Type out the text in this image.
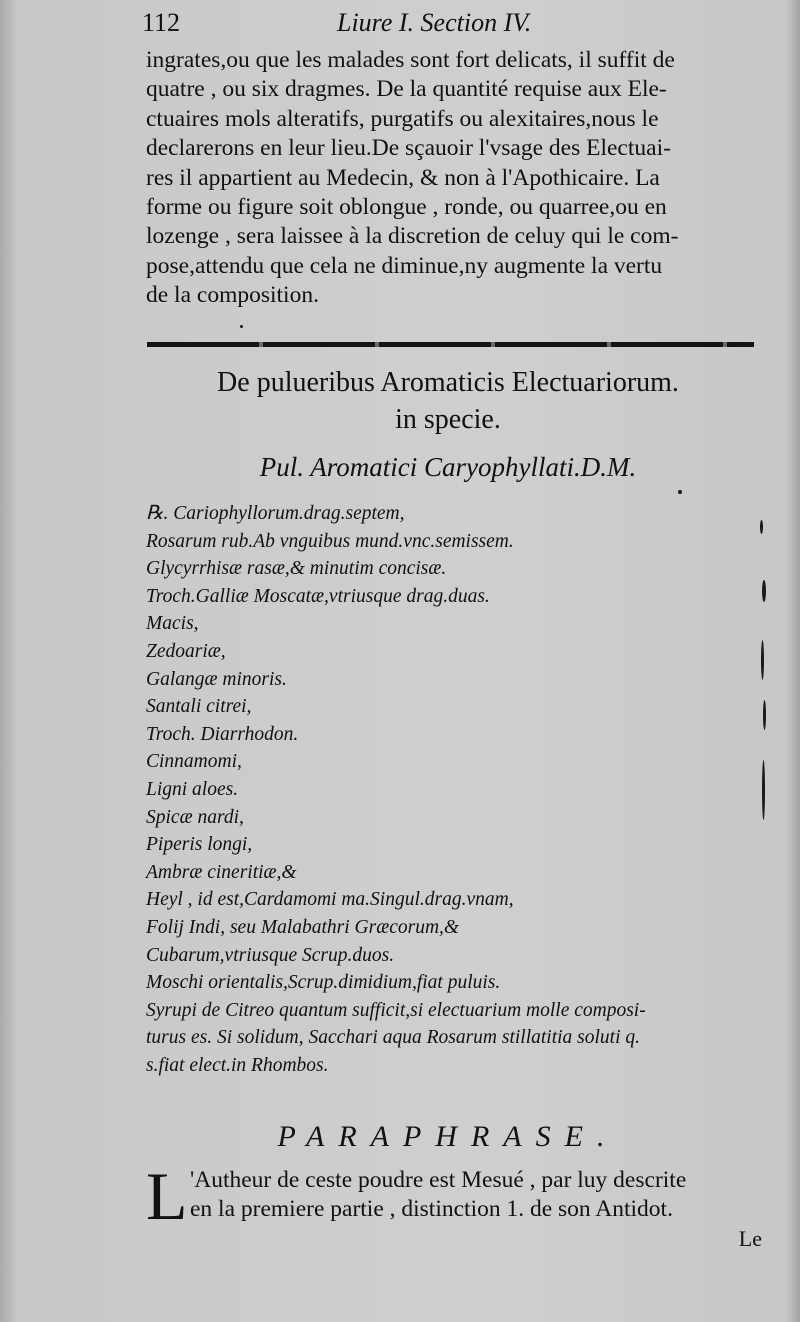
112	Liure I. Section IV.
ingrates,ou que les malades sont fort delicats, il suffit de
quatre , ou six dragmes. De la quantité requise aux Ele-
ctuaires mols alteratifs, purgatifs ou alexitaires,nous le
declarerons en leur lieu.De sçauoir l'vsage des Electuai-
res il appartient au Medecin, & non à l'Apothicaire. La
forme ou figure soit oblongue , ronde, ou quarree,ou en
lozenge , sera laissee à la discretion de celuy qui le com-
pose,attendu que cela ne diminue,ny augmente la vertu
de la composition.
De pulueribus Aromaticis Electuariorum.
in specie.
Pul. Aromatici Caryophyllati.D.M.
℞. Cariophyllorum.drag.septem,
Rosarum rub.Ab vnguibus mund.vnc.semissem.
Glycyrrhisæ rasæ,& minutim concisæ.
Troch.Galliæ Moscatæ,vtriusque drag.duas.
Macis,
Zedoariæ,
Galangæ minoris.
Santali citrei,
Troch. Diarrhodon.
Cinnamomi,
Ligni aloes.
Spicæ nardi,
Piperis longi,
Ambræ cineritiæ,&
Heyl , id est,Cardamomi ma.Singul.drag.vnam,
Folij Indi, seu Malabathri Græcorum,&
Cubarum,vtriusque Scrup.duos.
Moschi orientalis,Scrup.dimidium,fiat puluis.
Syrupi de Citreo quantum sufficit,si electuarium molle composi-
turus es. Si solidum, Sacchari aqua Rosarum stillatitia soluti q.
s.fiat elect.in Rhombos.
PARAPHRASE.
L 'Autheur de ceste poudre est Mesué , par luy descrite
en la premiere partie , distinction 1. de son Antidot.
Le
